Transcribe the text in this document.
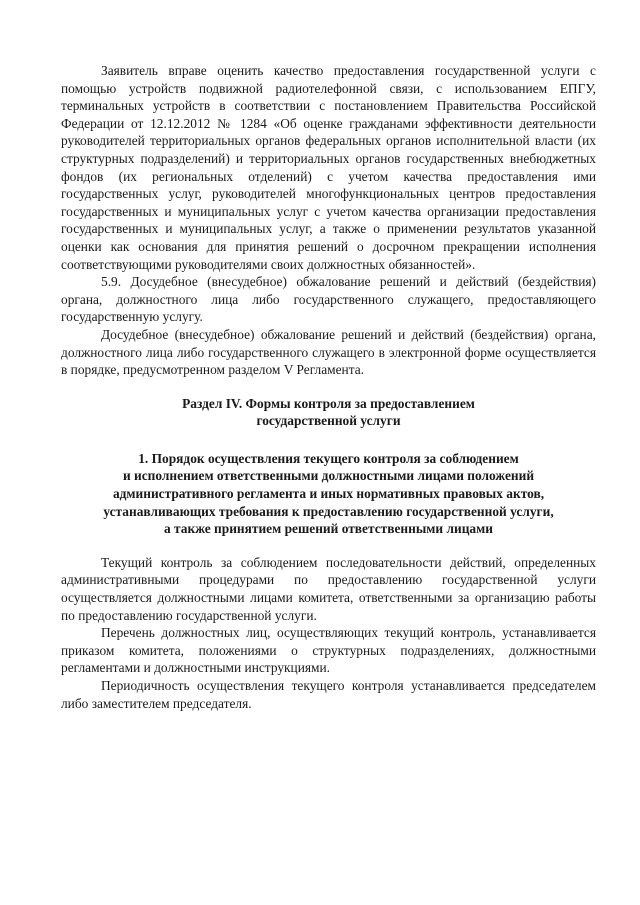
Заявитель вправе оценить качество предоставления государственной услуги с помощью устройств подвижной радиотелефонной связи, с использованием ЕПГУ, терминальных устройств в соответствии с постановлением Правительства Российской Федерации от 12.12.2012 № 1284 «Об оценке гражданами эффективности деятельности руководителей территориальных органов федеральных органов исполнительной власти (их структурных подразделений) и территориальных органов государственных внебюджетных фондов (их региональных отделений) с учетом качества предоставления ими государственных услуг, руководителей многофункциональных центров предоставления государственных и муниципальных услуг с учетом качества организации предоставления государственных и муниципальных услуг, а также о применении результатов указанной оценки как основания для принятия решений о досрочном прекращении исполнения соответствующими руководителями своих должностных обязанностей».

5.9. Досудебное (внесудебное) обжалование решений и действий (бездействия) органа, должностного лица либо государственного служащего, предоставляющего государственную услугу.

Досудебное (внесудебное) обжалование решений и действий (бездействия) органа, должностного лица либо государственного служащего в электронной форме осуществляется в порядке, предусмотренном разделом V Регламента.

Раздел IV. Формы контроля за предоставлением
государственной услуги
1. Порядок осуществления текущего контроля за соблюдением
и исполнением ответственными должностными лицами положений
административного регламента и иных нормативных правовых актов,
устанавливающих требования к предоставлению государственной услуги,
а также принятием решений ответственными лицами

Текущий контроль за соблюдением последовательности действий, определенных административными процедурами по предоставлению государственной услуги осуществляется должностными лицами комитета, ответственными за организацию работы по предоставлению государственной услуги.

Перечень должностных лиц, осуществляющих текущий контроль, устанавливается приказом комитета, положениями о структурных подразделениях, должностными регламентами и должностными инструкциями.

Периодичность осуществления текущего контроля устанавливается председателем либо заместителем председателя.
